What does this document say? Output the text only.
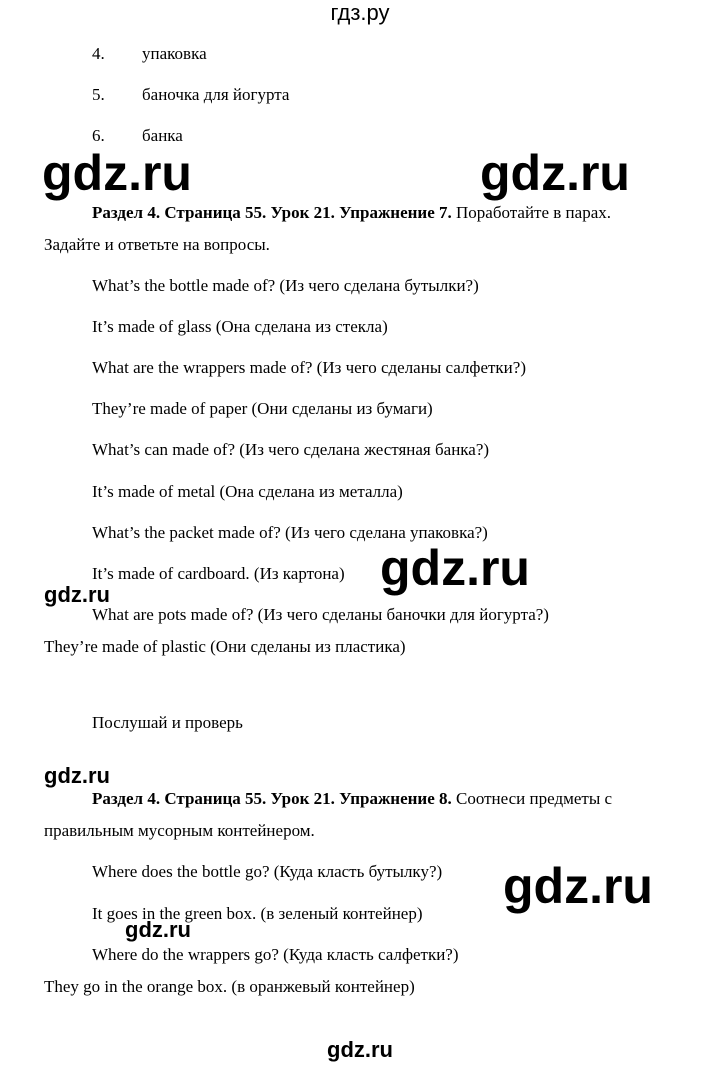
гдз.ру
4. упаковка
5. баночка для йогурта
6. банка
Раздел 4. Страница 55. Урок 21. Упражнение 7. Поработайте в парах.
Задайте и ответьте на вопросы.
What’s the bottle made of? (Из чего сделана бутылки?)
It’s made of glass (Она сделана из стекла)
What are the wrappers made of? (Из чего сделаны салфетки?)
They’re made of paper (Они сделаны из бумаги)
What’s can made of? (Из чего сделана жестяная банка?)
It’s made of metal (Она сделана из металла)
What’s the packet made of? (Из чего сделана упаковка?)
It’s made of cardboard. (Из картона)
What are pots made of? (Из чего сделаны баночки для йогурта?)
They’re made of plastic (Они сделаны из пластика)
Послушай и проверь
Раздел 4. Страница 55. Урок 21. Упражнение 8. Соотнеси предметы с
правильным мусорным контейнером.
Where does the bottle go? (Куда класть бутылку?)
It goes in the green box. (в зеленый контейнер)
Where do the wrappers go? (Куда класть салфетки?)
They go in the orange box. (в оранжевый контейнер)
gdz.ru	gdz.ru
gdz.ru
gdz.ru
gdz.ru
gdz.ru
gdz.ru
gdz.ru
